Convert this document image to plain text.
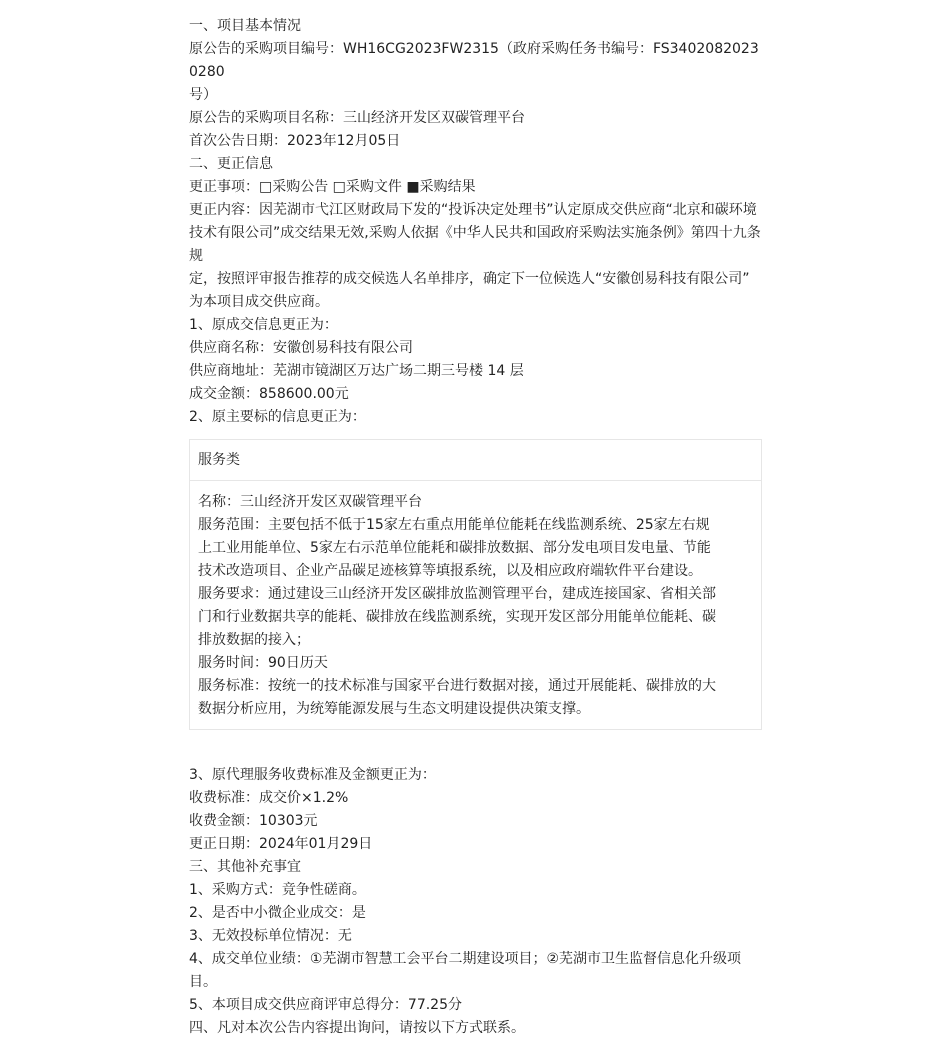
一、项目基本情况

原公告的采购项目编号：WH16CG2023FW2315（政府采购任务书编号：FS34020820230280

号）

原公告的采购项目名称：三山经济开发区双碳管理平台

首次公告日期：2023年12月05日

二、更正信息

更正事项：□采购公告 □采购文件 ■采购结果

更正内容：因芜湖市弋江区财政局下发的“投诉决定处理书”认定原成交供应商“北京和碳环境

技术有限公司”成交结果无效,采购人依据《中华人民共和国政府采购法实施条例》第四十九条规

定，按照评审报告推荐的成交候选人名单排序，确定下一位候选人“安徽创易科技有限公司”

为本项目成交供应商。

1、原成交信息更正为：

供应商名称：安徽创易科技有限公司

供应商地址：芜湖市镜湖区万达广场二期三号楼 14 层

成交金额：858600.00元

2、原主要标的信息更正为：

服务类

名称：三山经济开发区双碳管理平台

服务范围：主要包括不低于15家左右重点用能单位能耗在线监测系统、25家左右规

上工业用能单位、5家左右示范单位能耗和碳排放数据、部分发电项目发电量、节能

技术改造项目、企业产品碳足迹核算等填报系统，以及相应政府端软件平台建设。

服务要求：通过建设三山经济开发区碳排放监测管理平台，建成连接国家、省相关部

门和行业数据共享的能耗、碳排放在线监测系统，实现开发区部分用能单位能耗、碳

排放数据的接入；

服务时间：90日历天

服务标准：按统一的技术标准与国家平台进行数据对接，通过开展能耗、碳排放的大

数据分析应用，为统筹能源发展与生态文明建设提供决策支撑。

3、原代理服务收费标准及金额更正为：

收费标准：成交价×1.2%

收费金额：10303元

更正日期：2024年01月29日

三、其他补充事宜

1、采购方式：竞争性磋商。

2、是否中小微企业成交：是

3、无效投标单位情况：无

4、成交单位业绩：①芜湖市智慧工会平台二期建设项目；②芜湖市卫生监督信息化升级项目。

5、本项目成交供应商评审总得分：77.25分

四、凡对本次公告内容提出询问，请按以下方式联系。
